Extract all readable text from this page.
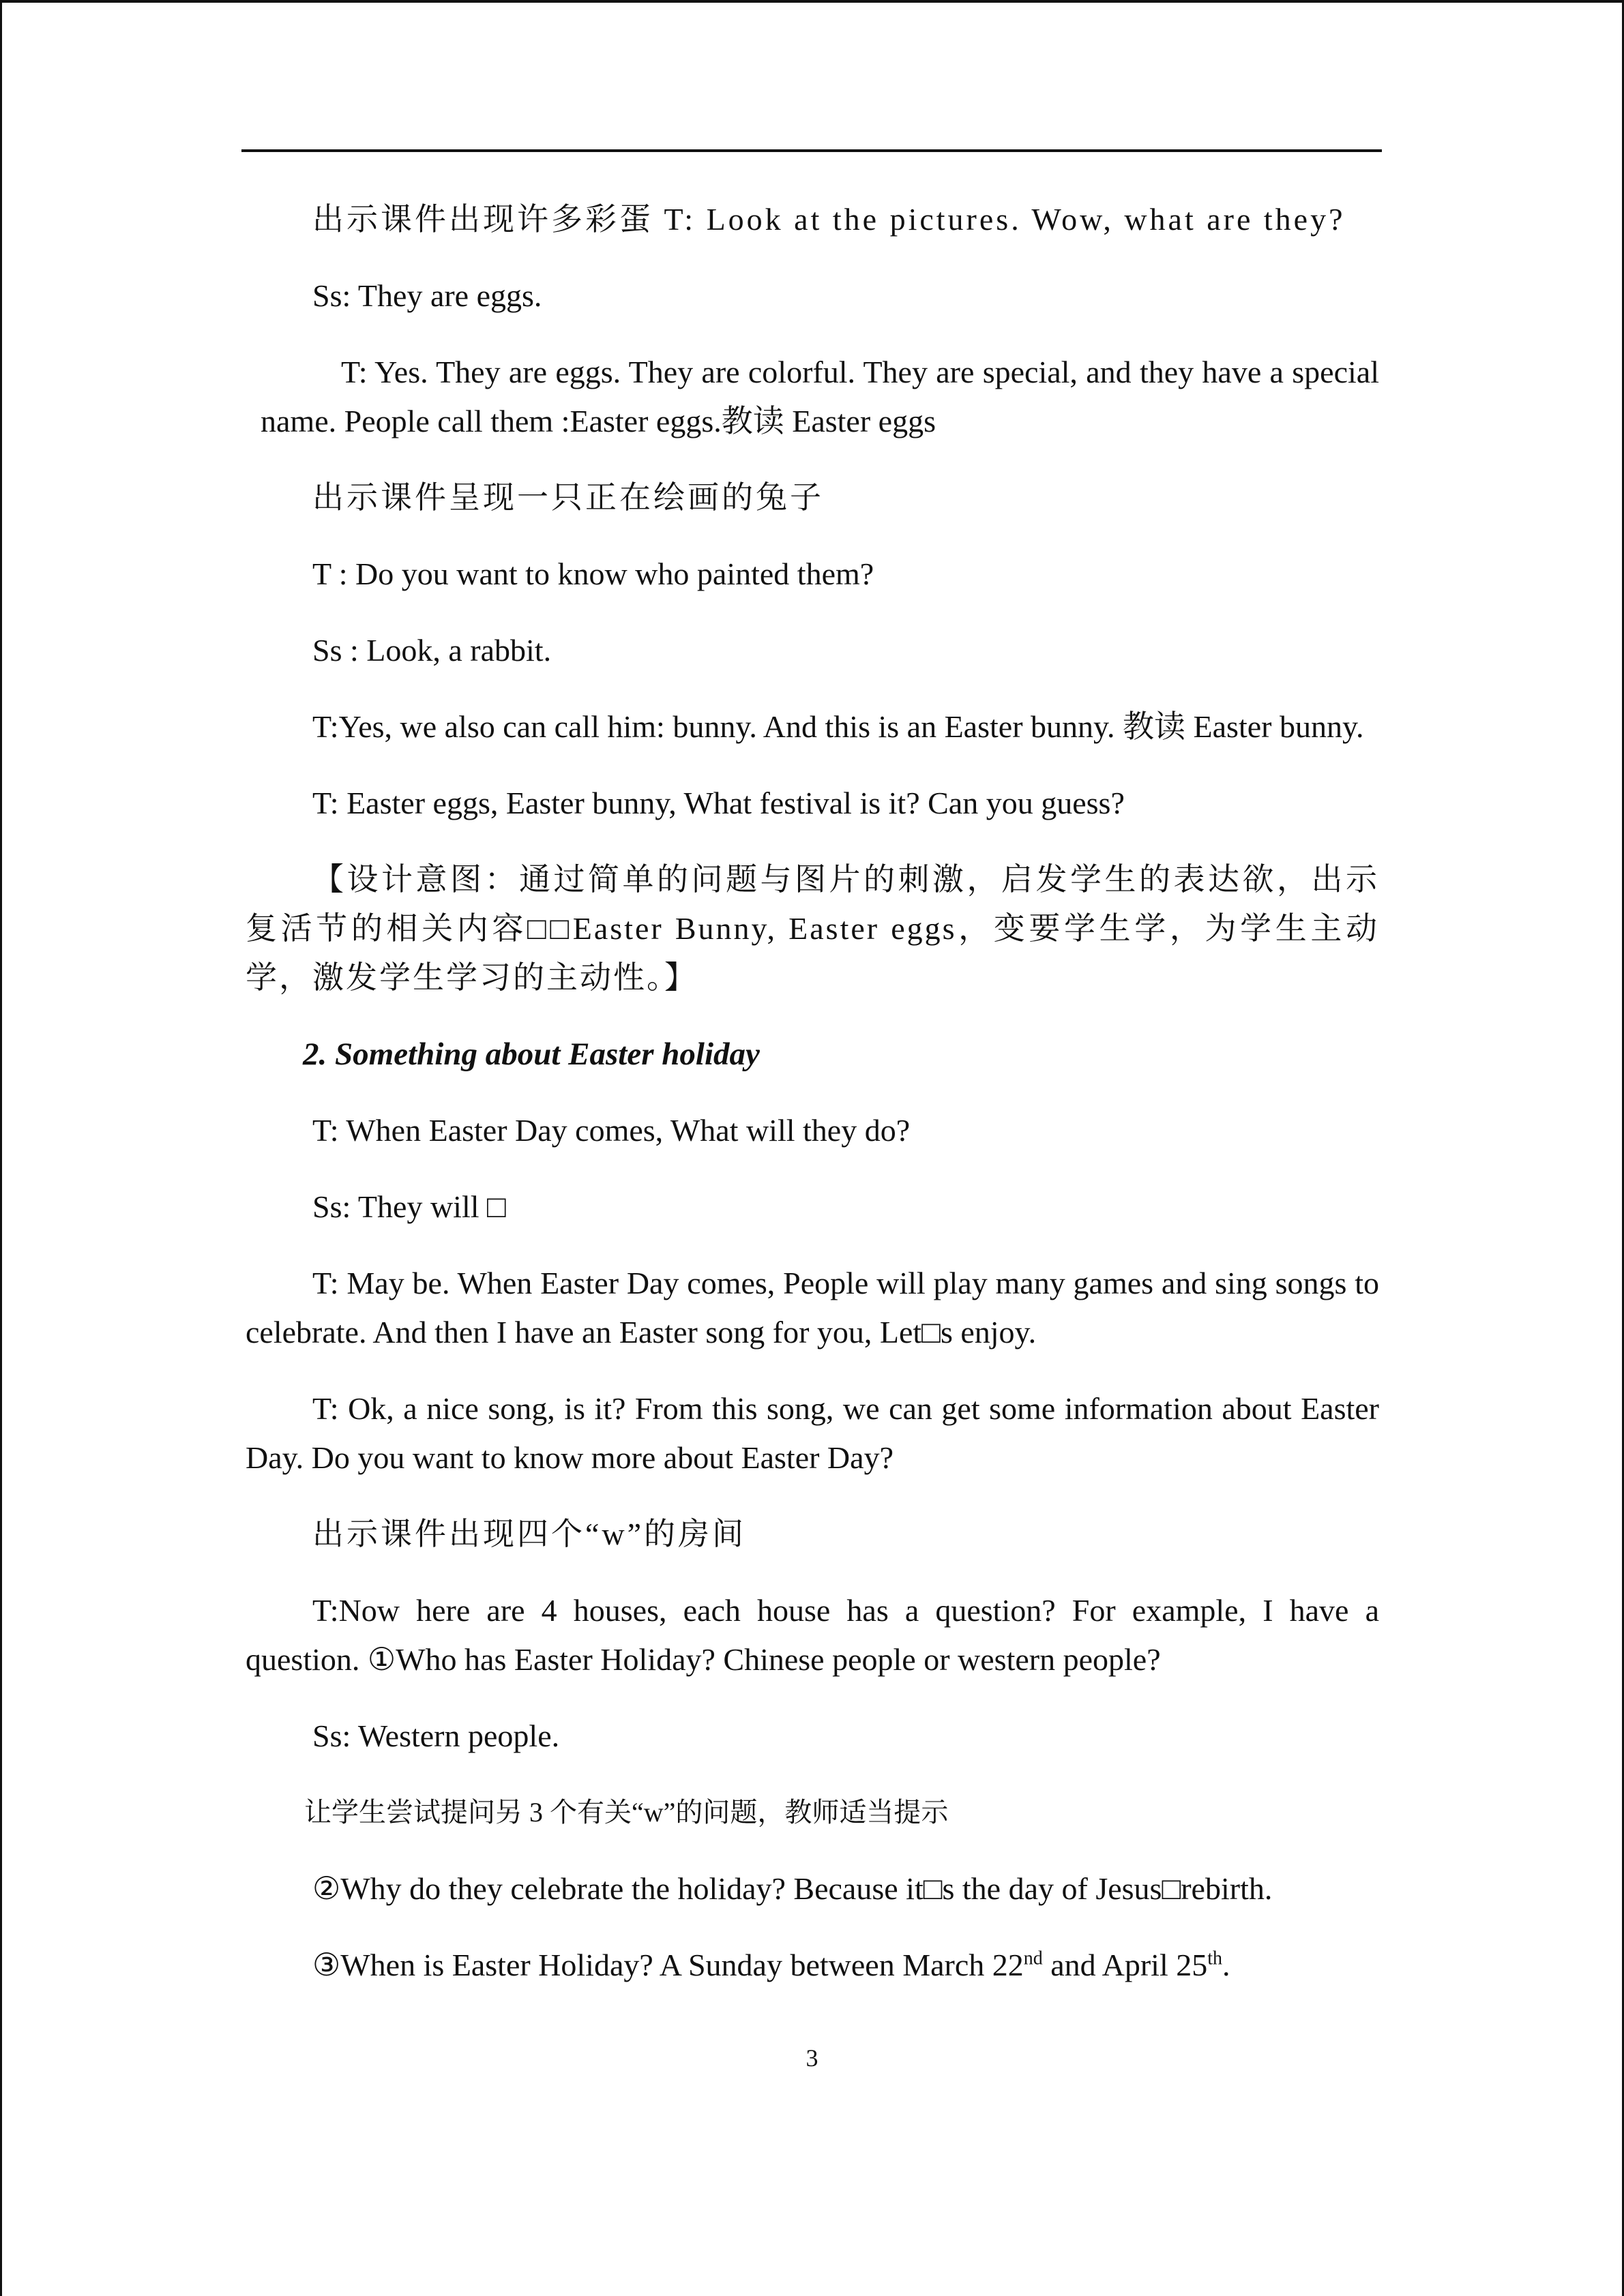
出示课件出现许多彩蛋 T: Look at the pictures. Wow, what are they?

Ss: They are eggs.

T: Yes. They are eggs. They are colorful. They are special, and they have a special name. People call them :Easter eggs.教读 Easter eggs

出示课件呈现一只正在绘画的兔子

T : Do you want to know who painted them?

Ss : Look, a rabbit.

T:Yes, we also can call him: bunny. And this is an Easter bunny. 教读 Easter bunny.

T: Easter eggs, Easter bunny, What festival is it? Can you guess?

【设计意图：通过简单的问题与图片的刺激，启发学生的表达欲，出示复活节的相关内容□□Easter Bunny, Easter eggs，变要学生学，为学生主动学，激发学生学习的主动性。】

2. Something about Easter holiday

T: When Easter Day comes, What will they do?

Ss: They will □

T: May be. When Easter Day comes, People will play many games and sing songs to celebrate. And then I have an Easter song for you, Let□s enjoy.

T: Ok, a nice song, is it? From this song, we can get some information about Easter Day. Do you want to know more about Easter Day?

出示课件出现四个“w”的房间

T:Now here are 4 houses, each house has a question? For example, I have a question. ①Who has Easter Holiday? Chinese people or western people?

Ss: Western people.

让学生尝试提问另 3 个有关“w”的问题，教师适当提示

②Why do they celebrate the holiday? Because it□s the day of Jesus□rebirth.

③When is Easter Holiday? A Sunday between March 22nd and April 25th.

3
